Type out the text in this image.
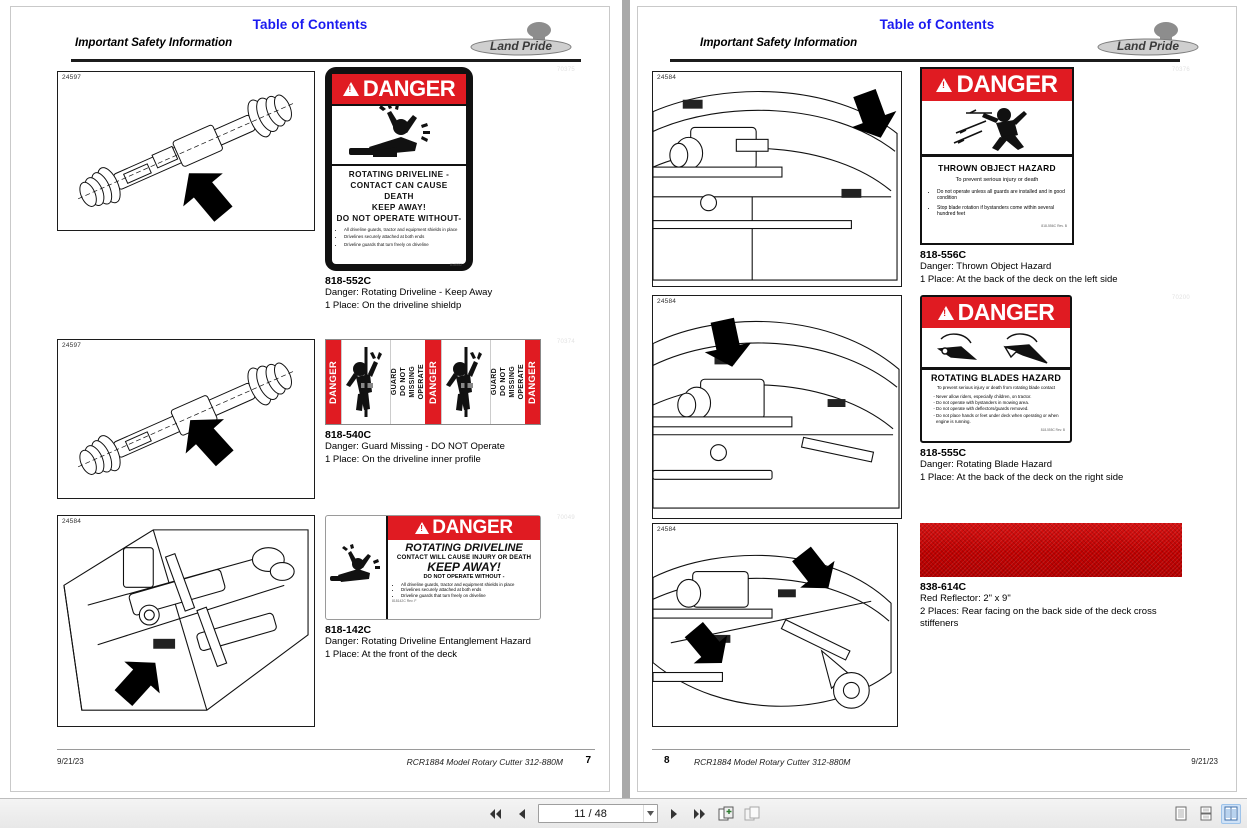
Table of Contents
Important Safety Information	Land Pride
24597
70375
!
DANGER
ROTATING DRIVELINE -
CONTACT CAN CAUSE DEATH
KEEP AWAY!
DO NOT OPERATE WITHOUT-
• All driveline guards, tractor and equipment shields in place
• Drivelines securely attached at both ends
• Driveline guards that turn freely on driveline
818552
818-552C
Danger: Rotating Driveline - Keep Away
1 Place: On the driveline shieldp
24597	70374
DANGER	GUARD DO NOT MISSING OPERATE DANGER	GUARD DO NOT MISSING OPERATE DANGER
818-540C
Danger: Guard Missing - DO NOT Operate
1 Place: On the driveline inner profile
24584	70049
!
DANGER
ROTATING DRIVELINE
CONTACT WILL CAUSE INJURY OR DEATH
KEEP AWAY!
DO NOT OPERATE WITHOUT -
• All driveline guards, tractor and equipment shields in place
• Drivelines securely attached at both ends
• Driveline guards that turn freely on driveline
818142C Rev. F
818-142C
Danger: Rotating Driveline Entanglement Hazard
1 Place: At the front of the deck
9/21/23	RCR1884 Model Rotary Cutter 312-880M 7
Table of Contents
Important Safety Information	Land Pride
24584
70376
!
DANGER
THROWN OBJECT HAZARD
To prevent serious injury or death
• Do not operate unless all guards are installed and in good condition
• Stop blade rotation if bystanders come within several hundred feet
818-556C Rev. B
818-556C
Danger: Thrown Object Hazard
1 Place: At the back of the deck on the left side
24584	70200
!
DANGER
ROTATING BLADES HAZARD
To prevent serious injury or death from rotating blade contact
- Never allow riders, especially children, on tractor.
- Do not operate with bystanders in mowing area.
- Do not operate with deflectors/guards removed.
- Do not place hands or feet under deck when operating or when engine is running.
818-555C Rev. B
818-555C
Danger: Rotating Blade Hazard
1 Place: At the back of the deck on the right side
24584
838-614C
Red Reflector: 2" x 9"
2 Places: Rear facing on the back side of the deck cross stiffeners
9/21/23
RCR1884 Model Rotary Cutter 312-880M
8
11 / 48
